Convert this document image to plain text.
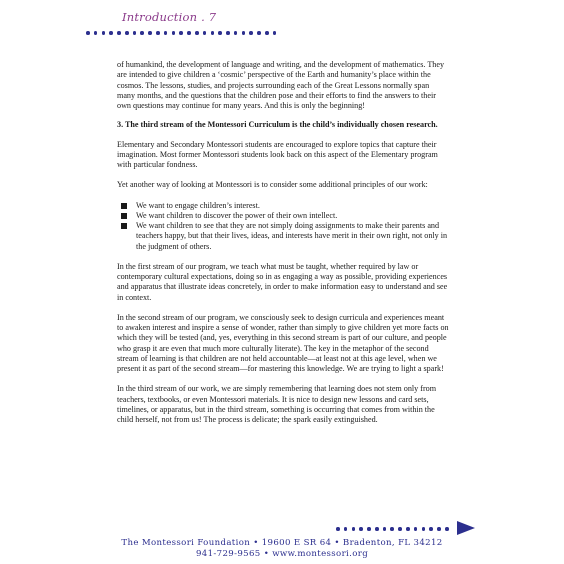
Introduction . 7

of humankind, the development of language and writing, and the development of mathematics. They are intended to give children a ‘cosmic’ perspective of the Earth and humanity’s place within the cosmos. The lessons, studies, and projects surrounding each of the Great Lessons normally span many months, and the questions that the children pose and their efforts to find the answers to their own questions may continue for many years. And this is only the beginning!

3. The third stream of the Montessori Curriculum is the child’s individually chosen research.

Elementary and Secondary Montessori students are encouraged to explore topics that capture their imagination. Most former Montessori students look back on this aspect of the Elementary program with particular fondness.

Yet another way of looking at Montessori is to consider some additional principles of our work:

We want to engage children’s interest.
We want children to discover the power of their own intellect.
We want children to see that they are not simply doing assignments to make their parents and teachers happy, but that their lives, ideas, and interests have merit in their own right, not only in the judgment of others.

In the first stream of our program, we teach what must be taught, whether required by law or contemporary cultural expectations, doing so in as engaging a way as possible, providing experiences and apparatus that illustrate ideas concretely, in order to make information easy to understand and see in context.

In the second stream of our program, we consciously seek to design curricula and experiences meant to awaken interest and inspire a sense of wonder, rather than simply to give children yet more facts on which they will be tested (and, yes, everything in this second stream is part of our culture, and people who grasp it are even that much more culturally literate). The key in the metaphor of the second stream of learning is that children are not held accountable—at least not at this age level, when we present it as part of the second stream—for mastering this knowledge. We are trying to light a spark!

In the third stream of our work, we are simply remembering that learning does not stem only from teachers, textbooks, or even Montessori materials. It is nice to design new lessons and card sets, timelines, or apparatus, but in the third stream, something is occurring that comes from within the child herself, not from us! The process is delicate; the spark easily extinguished.

The Montessori Foundation • 19600 E SR 64 • Bradenton, FL 34212
941-729-9565 • www.montessori.org
